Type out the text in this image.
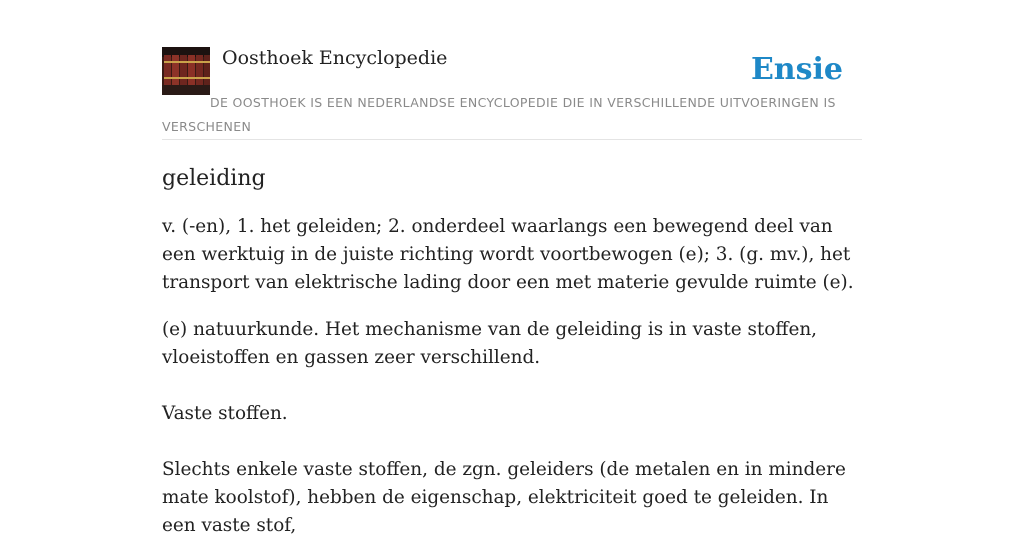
Oosthoek Encyclopedie	Ensie
DE OOSTHOEK IS EEN NEDERLANDSE ENCYCLOPEDIE DIE IN VERSCHILLENDE UITVOERINGEN IS VERSCHENEN
geleiding

v. (-en), 1. het geleiden; 2. onderdeel waarlangs een bewegend deel van een werktuig in de juiste richting wordt voortbewogen (e); 3. (g. mv.), het transport van elektrische lading door een met materie gevulde ruimte (e).

(e) natuurkunde. Het mechanisme van de geleiding is in vaste stoffen, vloeistoffen en gassen zeer verschillend.

Vaste stoffen.

Slechts enkele vaste stoffen, de zgn. geleiders (de metalen en in mindere mate koolstof), hebben de eigenschap, elektriciteit goed te geleiden. In een vaste stof,
